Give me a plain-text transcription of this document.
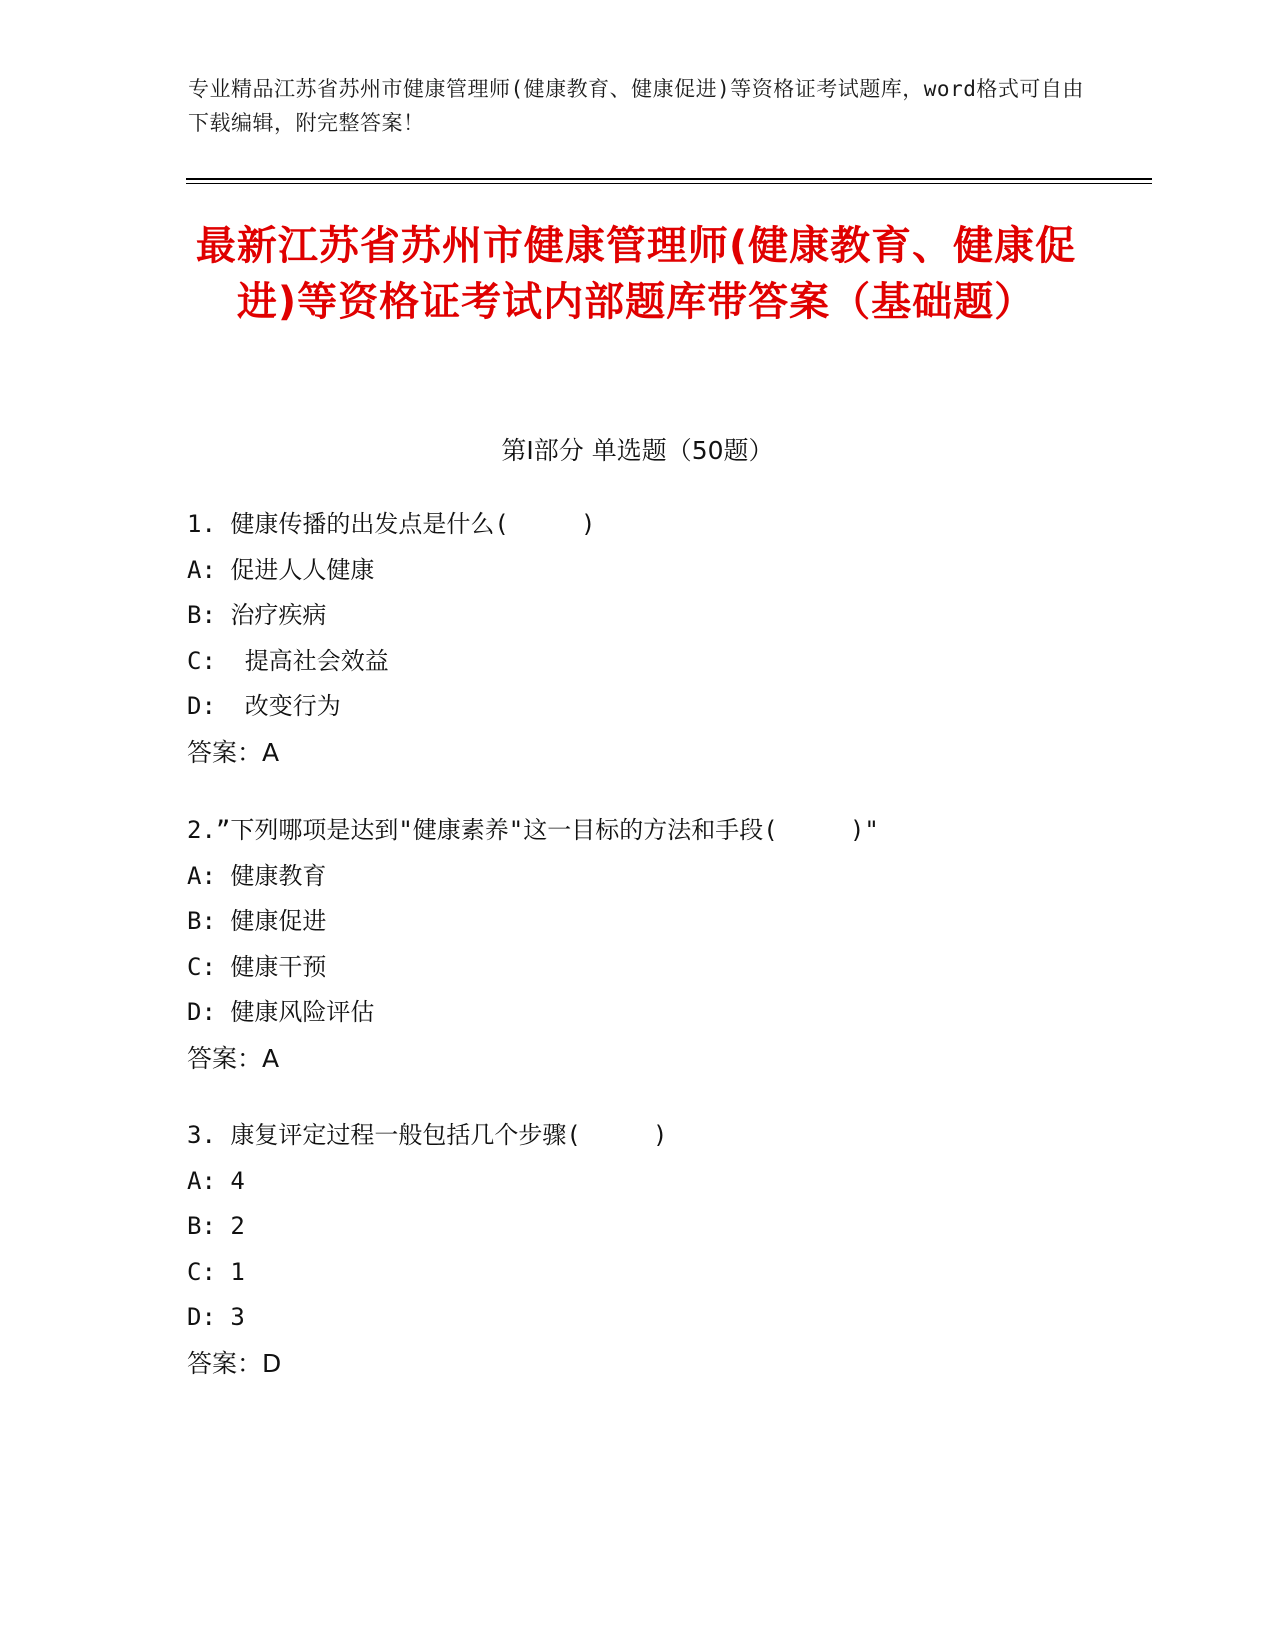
专业精品江苏省苏州市健康管理师(健康教育、健康促进)等资格证考试题库，word格式可自由下载编辑，附完整答案！
最新江苏省苏州市健康管理师(健康教育、健康促进)等资格证考试内部题库带答案（基础题）
第Ⅰ部分 单选题（50题）
1. 健康传播的出发点是什么(     )
A: 促进人人健康
B: 治疗疾病
C:  提高社会效益
D:  改变行为
答案：A
2.”下列哪项是达到"健康素养"这一目标的方法和手段(     )"
A: 健康教育
B: 健康促进
C: 健康干预
D: 健康风险评估
答案：A
3. 康复评定过程一般包括几个步骤(     )
A: 4
B: 2
C: 1
D: 3
答案：D
